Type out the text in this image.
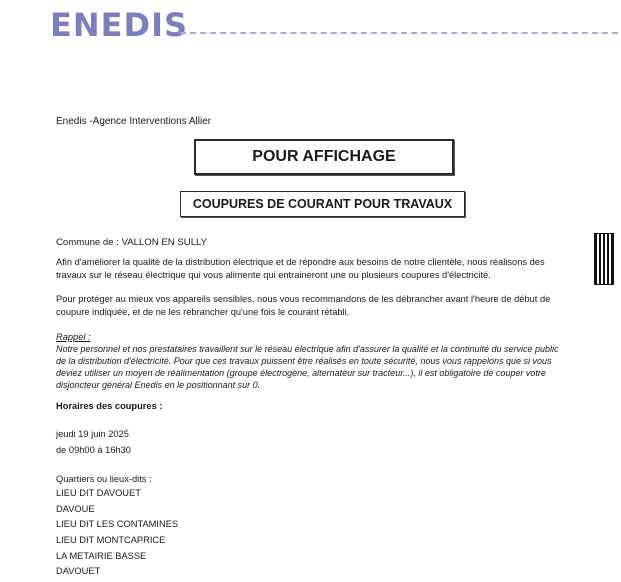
ENEDIS
Enedis -Agence Interventions Allier
POUR AFFICHAGE
COUPURES DE COURANT POUR TRAVAUX
Commune de : VALLON EN SULLY
Afin d'améliorer la qualité de la distribution électrique et de répondre aux besoins de notre clientèle, nous réalisons des travaux sur le réseau électrique qui vous alimente qui entraineront une ou plusieurs coupures d'électricité.
Pour protéger au mieux vos appareils sensibles, nous vous recommandons de les débrancher avant l'heure de début de coupure indiquée, et de ne les rebrancher qu'une fois le courant rétabli.
Rappel :
Notre personnel et nos prestataires travaillent sur le réseau électrique afin d'assurer la qualité et la continuité du service public de la distribution d'électricité. Pour que ces travaux puissent être réalisés en toute sécurité, nous vous rappelons que si vous deviez utiliser un moyen de réalimentation (groupe électrogène, alternateur sur tracteur...), il est obligatoire de couper votre disjoncteur général Enedis en le positionnant sur 0.
Horaires des coupures :
jeudi 19 juin 2025
de 09h00 à 16h30
Quartiers ou lieux-dits :
LIEU DIT DAVOUET
DAVOUE
LIEU DIT LES CONTAMINES
LIEU DIT MONTCAPRICE
LA METAIRIE BASSE
DAVOUET
